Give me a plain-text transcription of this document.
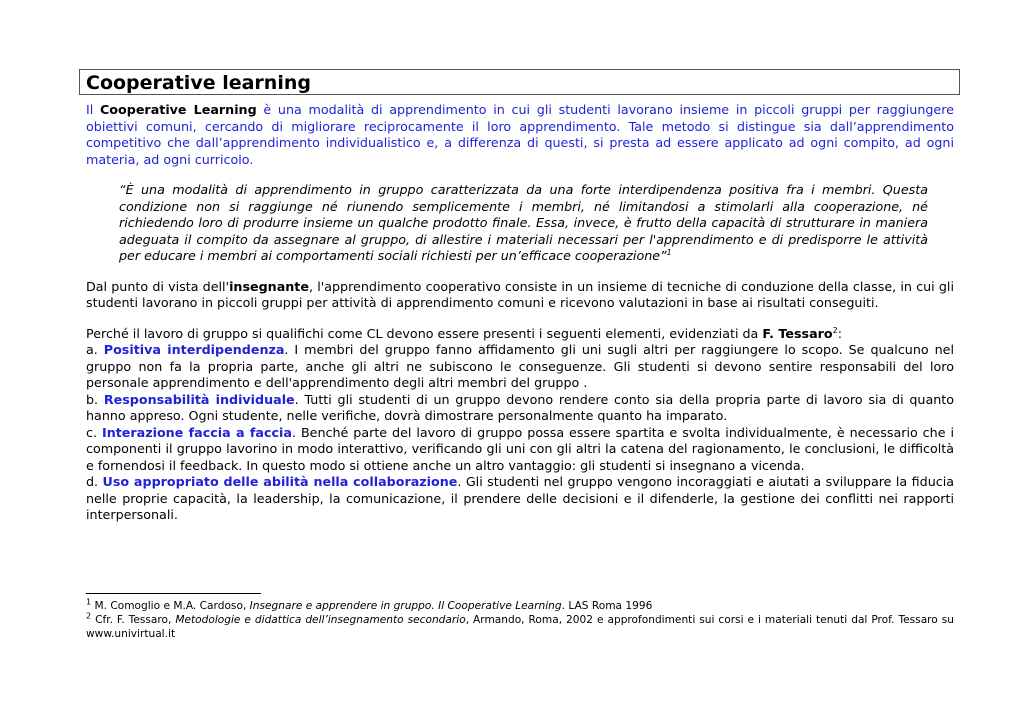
Cooperative learning

Il Cooperative Learning è una modalità di apprendimento in cui gli studenti lavorano insieme in piccoli gruppi per raggiungere obiettivi comuni, cercando di migliorare reciprocamente il loro apprendimento. Tale metodo si distingue sia dall’apprendimento competitivo che dall’apprendimento individualistico e, a differenza di questi, si presta ad essere applicato ad ogni compito, ad ogni materia, ad ogni curricolo.

“È una modalità di apprendimento in gruppo caratterizzata da una forte interdipendenza positiva fra i membri. Questa condizione non si raggiunge né riunendo semplicemente i membri, né limitandosi a stimolarli alla cooperazione, né richiedendo loro di produrre insieme un qualche prodotto finale. Essa, invece, è frutto della capacità di strutturare in maniera adeguata il compito da assegnare al gruppo, di allestire i materiali necessari per l'apprendimento e di predisporre le attività per educare i membri ai comportamenti sociali richiesti per un’efficace cooperazione”$^1$

Dal punto di vista dell'insegnante, l'apprendimento cooperativo consiste in un insieme di tecniche di conduzione della classe, in cui gli studenti lavorano in piccoli gruppi per attività di apprendimento comuni e ricevono valutazioni in base ai risultati conseguiti.

Perché il lavoro di gruppo si qualifichi come CL devono essere presenti i seguenti elementi, evidenziati da F. Tessaro$^2$:

a. Positiva interdipendenza. I membri del gruppo fanno affidamento gli uni sugli altri per raggiungere lo scopo. Se qualcuno nel gruppo non fa la propria parte, anche gli altri ne subiscono le conseguenze. Gli studenti si devono sentire responsabili del loro personale apprendimento e dell'apprendimento degli altri membri del gruppo .

b. Responsabilità individuale. Tutti gli studenti di un gruppo devono rendere conto sia della propria parte di lavoro sia di quanto hanno appreso. Ogni studente, nelle verifiche, dovrà dimostrare personalmente quanto ha imparato.

c. Interazione faccia a faccia. Benché parte del lavoro di gruppo possa essere spartita e svolta individualmente, è necessario che i componenti il gruppo lavorino in modo interattivo, verificando gli uni con gli altri la catena del ragionamento, le conclusioni, le difficoltà e fornendosi il feedback. In questo modo si ottiene anche un altro vantaggio: gli studenti si insegnano a vicenda.

d. Uso appropriato delle abilità nella collaborazione. Gli studenti nel gruppo vengono incoraggiati e aiutati a sviluppare la fiducia nelle proprie capacità, la leadership, la comunicazione, il prendere delle decisioni e il difenderle, la gestione dei conflitti nei rapporti interpersonali.

$^1$ M. Comoglio e M.A. Cardoso, Insegnare e apprendere in gruppo. Il Cooperative Learning. LAS Roma 1996

$^2$ Cfr. F. Tessaro, Metodologie e didattica dell’insegnamento secondario, Armando, Roma, 2002 e approfondimenti sui corsi e i materiali tenuti dal Prof. Tessaro su www.univirtual.it
